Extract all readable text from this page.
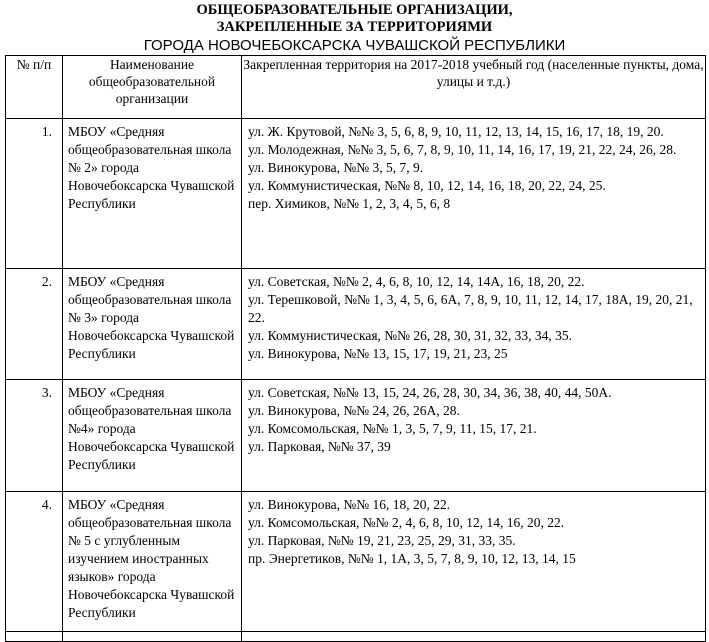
ОБЩЕОБРАЗОВАТЕЛЬНЫЕ ОРГАНИЗАЦИИ,
ЗАКРЕПЛЕННЫЕ ЗА ТЕРРИТОРИЯМИ
ГОРОДА НОВОЧЕБОКСАРСКА ЧУВАШСКОЙ РЕСПУБЛИКИ
№ п/п	Наименование общеобразовательной организации	Закрепленная территория на 2017-2018 учебный год (населенные пункты, дома, улицы и т.д.)
1.	МБОУ «Средняя общеобразовательная школа № 2» города Новочебоксарска Чувашской Республики	ул. Ж. Крутовой, №№ 3, 5, 6, 8, 9, 10, 11, 12, 13, 14, 15, 16, 17, 18, 19, 20.
ул. Молодежная, №№ 3, 5, 6, 7, 8, 9, 10, 11, 14, 16, 17, 19, 21, 22, 24, 26, 28.
ул. Винокурова, №№ 3, 5, 7, 9.
ул. Коммунистическая, №№ 8, 10, 12, 14, 16, 18, 20, 22, 24, 25.
пер. Химиков, №№ 1, 2, 3, 4, 5, 6, 8

2.	МБОУ «Средняя общеобразовательная школа № 3» города Новочебоксарска Чувашской Республики	ул. Советская, №№ 2, 4, 6, 8, 10, 12, 14, 14А, 16, 18, 20, 22.
ул. Терешковой, №№ 1, 3, 4, 5, 6, 6А, 7, 8, 9, 10, 11, 12, 14, 17, 18А, 19, 20, 21, 22.
ул. Коммунистическая, №№ 26, 28, 30, 31, 32, 33, 34, 35.
ул. Винокурова, №№ 13, 15, 17, 19, 21, 23, 25

3.	МБОУ «Средняя общеобразовательная школа №4» города Новочебоксарска Чувашской Республики	ул. Советская, №№ 13, 15, 24, 26, 28, 30, 34, 36, 38, 40, 44, 50А.
ул. Винокурова, №№ 24, 26, 26А, 28.
ул. Комсомольская, №№ 1, 3, 5, 7, 9, 11, 15, 17, 21.
ул. Парковая, №№ 37, 39

4.	МБОУ «Средняя общеобразовательная школа № 5 с углубленным изучением иностранных языков» города Новочебоксарска Чувашской Республики	ул. Винокурова, №№ 16, 18, 20, 22.
ул. Комсомольская, №№ 2, 4, 6, 8, 10, 12, 14, 16, 20, 22.
ул. Парковая, №№ 19, 21, 23, 25, 29, 31, 33, 35.
пр. Энергетиков, №№ 1, 1А, 3, 5, 7, 8, 9, 10, 12, 13, 14, 15
